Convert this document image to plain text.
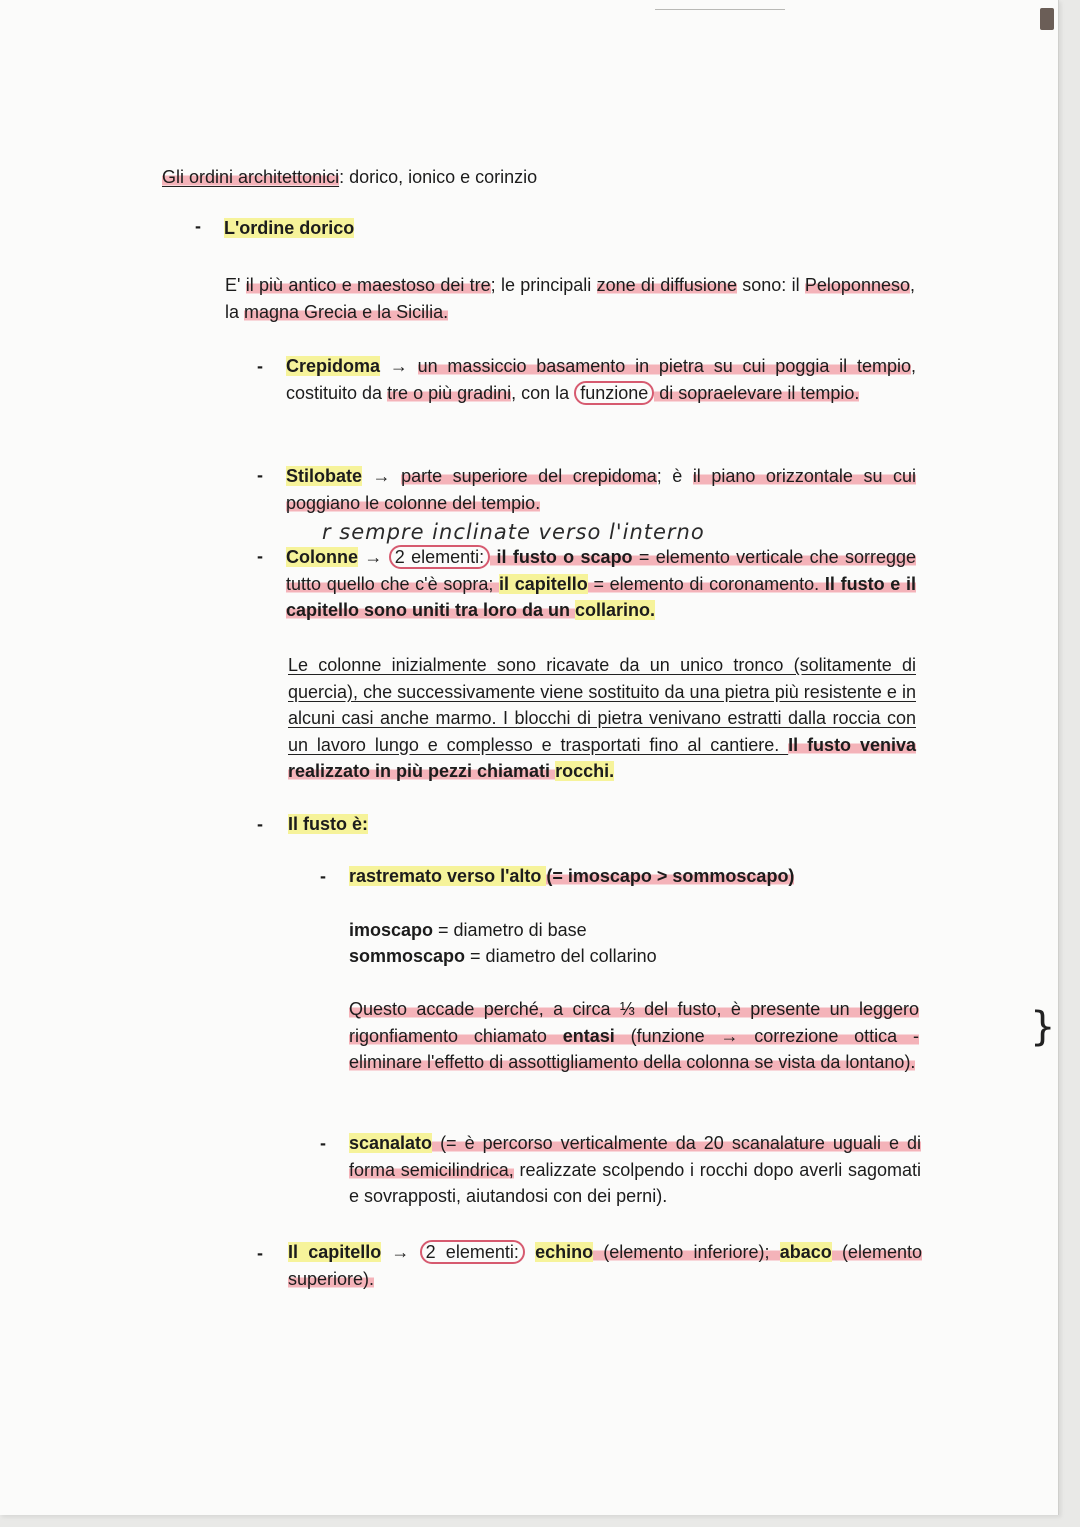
Gli ordini architettonici: dorico, ionico e corinzio
- L'ordine dorico
E' il più antico e maestoso dei tre; le principali zone di diffusione sono: il Peloponneso, la magna Grecia e la Sicilia.
- Crepidoma → un massiccio basamento in pietra su cui poggia il tempio, costituito da tre o più gradini, con la funzione di sopraelevare il tempio.
- Stilobate → parte superiore del crepidoma; è il piano orizzontale su cui poggiano le colonne del tempio.
r sempre inclinate verso l'interno
- Colonne → 2 elementi: il fusto o scapo = elemento verticale che sorregge tutto quello che c'è sopra; il capitello = elemento di coronamento. Il fusto e il capitello sono uniti tra loro da un collarino.
Le colonne inizialmente sono ricavate da un unico tronco (solitamente di quercia), che successivamente viene sostituito da una pietra più resistente e in alcuni casi anche marmo. I blocchi di pietra venivano estratti dalla roccia con un lavoro lungo e complesso e trasportati fino al cantiere. Il fusto veniva realizzato in più pezzi chiamati rocchi.
- Il fusto è:
- rastremato verso l'alto (= imoscapo > sommoscapo)
imoscapo = diametro di base
sommoscapo = diametro del collarino
Questo accade perché, a circa ⅓ del fusto, è presente un leggero rigonfiamento chiamato entasi (funzione → correzione ottica - eliminare l'effetto di assottigliamento della colonna se vista da lontano).
- scanalato (= è percorso verticalmente da 20 scanalature uguali e di forma semicilindrica, realizzate scolpendo i rocchi dopo averli sagomati e sovrapposti, aiutandosi con dei perni).
- Il capitello → 2 elementi: echino (elemento inferiore); abaco (elemento superiore).
}
